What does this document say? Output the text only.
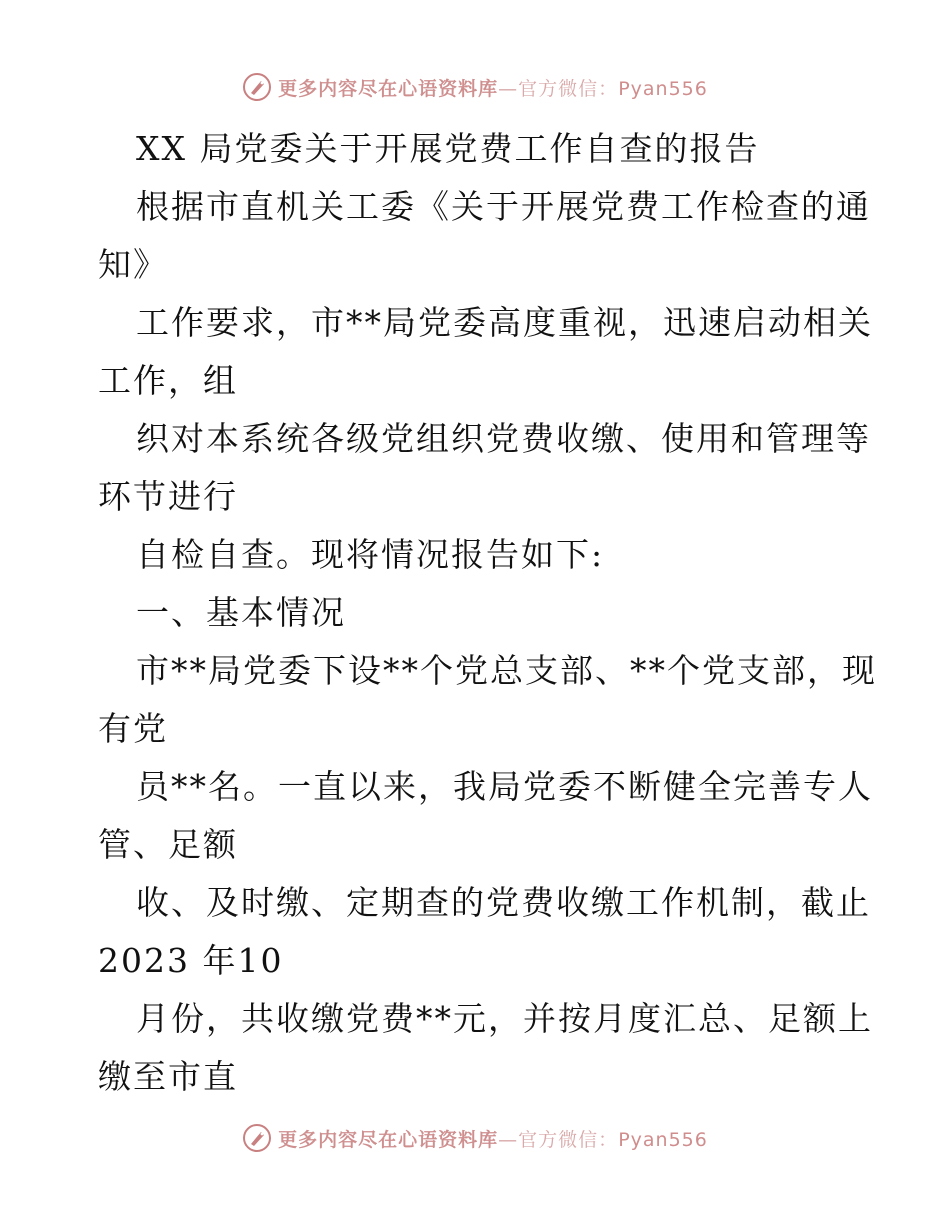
更多内容尽在心语资料库—官方微信：Pyan556
XX 局党委关于开展党费工作自查的报告
根据市直机关工委《关于开展党费工作检查的通
知》
工作要求，市**局党委高度重视，迅速启动相关
工作，组
织对本系统各级党组织党费收缴、使用和管理等
环节进行
自检自查。现将情况报告如下:
一、基本情况
市**局党委下设**个党总支部、**个党支部，现
有党
员**名。一直以来，我局党委不断健全完善专人
管、足额
收、及时缴、定期查的党费收缴工作机制，截止
2023 年10
月份，共收缴党费**元，并按月度汇总、足额上
缴至市直
更多内容尽在心语资料库—官方微信：Pyan556
